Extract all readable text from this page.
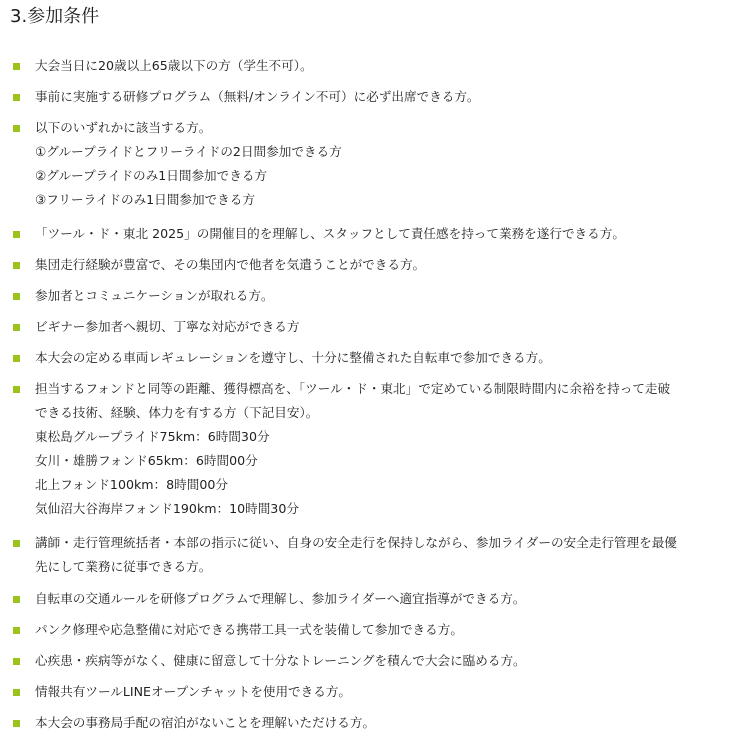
3.参加条件
大会当日に20歳以上65歳以下の方（学生不可）。
事前に実施する研修プログラム（無料/オンライン不可）に必ず出席できる方。
以下のいずれかに該当する方。
①グループライドとフリーライドの2日間参加できる方
②グループライドのみ1日間参加できる方
③フリーライドのみ1日間参加できる方
「ツール・ド・東北 2025」の開催目的を理解し、スタッフとして責任感を持って業務を遂行できる方。
集団走行経験が豊富で、その集団内で他者を気遣うことができる方。
参加者とコミュニケーションが取れる方。
ビギナー参加者へ親切、丁寧な対応ができる方
本大会の定める車両レギュレーションを遵守し、十分に整備された自転車で参加できる方。
担当するフォンドと同等の距離、獲得標高を、「ツール・ド・東北」で定めている制限時間内に余裕を持って走破
できる技術、経験、体力を有する方（下記目安）。
東松島グループライド75km：6時間30分
女川・雄勝フォンド65km：6時間00分
北上フォンド100km：8時間00分
気仙沼大谷海岸フォンド190km：10時間30分
講師・走行管理統括者・本部の指示に従い、自身の安全走行を保持しながら、参加ライダーの安全走行管理を最優
先にして業務に従事できる方。
自転車の交通ルールを研修プログラムで理解し、参加ライダーへ適宜指導ができる方。
パンク修理や応急整備に対応できる携帯工具一式を装備して参加できる方。
心疾患・疾病等がなく、健康に留意して十分なトレーニングを積んで大会に臨める方。
情報共有ツールLINEオープンチャットを使用できる方。
本大会の事務局手配の宿泊がないことを理解いただける方。
